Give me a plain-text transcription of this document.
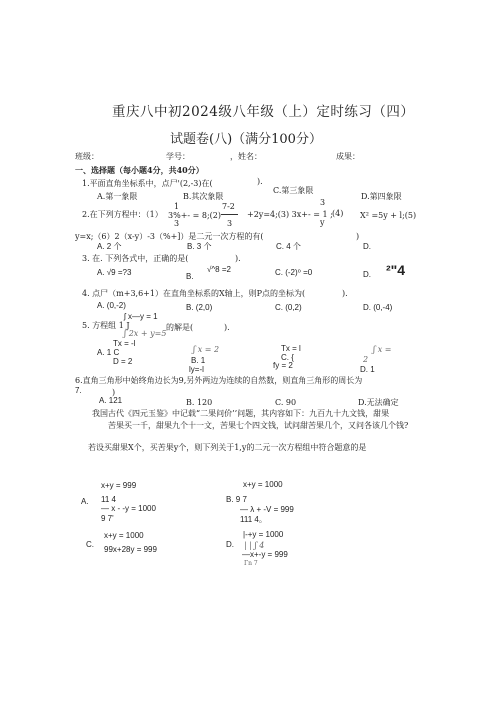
重庆八中初2024级八年级（上）定时练习（四）
试题卷(八)（满分100分）
班级：	学号：	，姓名：	成果：
一、选择题（每小题4分，共40分）
1.平面直角坐标系中，点尸'(2,-3)在(	).
A.第一象限	B.其次象限
C.第三象限
D.第四象限
2.在下列方程中：（1）
1
3%+- = 8;(2)
3
7-2
3
+2y=4;(3) 3x+- = 1 ;
3
y
(4) X² =5y + l;(5)
y=x;（6）2（x-y）-3（%+]）是二元一次方程的有(	)
A. 2 个	B. 3 个	C. 4 个	D.
3. 在. 下列各式中，正确的是(	).
A. √9 =?3	B.
√^8 =2	C. (-2)⁰ =0	D. ²"4
4. 点尸（m+3,6+1）在直角坐标系的X轴上，则P点的坐标为(	).
A. (0,-2)	B. (2,0)	C. (0,2)	D. (0,-4)
ʃ x—y = 1
5. 方程组 1 J
ʃ 2x + y=5
的解是(	).
Tx = -l
A. 1 C
D = 2
ʃ x = 2
B. 1
ly=-l
Tx = l
C. {
fy = 2
ʃ x =
2
D. 1
6.直角三角形中始终角边长为9,另外两边为连续的自然数，则直角三角形的周长为
7.	)
A. 121	B. 120	C. 90	D.无法确定
我国古代《四元玉鉴》中记载“二果问价’’问题，其内容如下：九百九十九文钱，甜果
苦果买一千，甜果九个十一文，苦果七个四文钱，试问甜苦果几个，又问各该几个钱?
若设买甜果X个，买苦果y个，则下列关于1,y的二元一次方程组中符合题意的是
x+y = 999
A. 11 4
— x - -y = 1000
9 7'
x+y = 1000
B. 9 7
— λ + -V = 999
111 4。
x+y = 1000
C.
99x+28y = 999
|-+y = 1000
D. | | ʃ 4
—x+-y = 999
Γn 7
